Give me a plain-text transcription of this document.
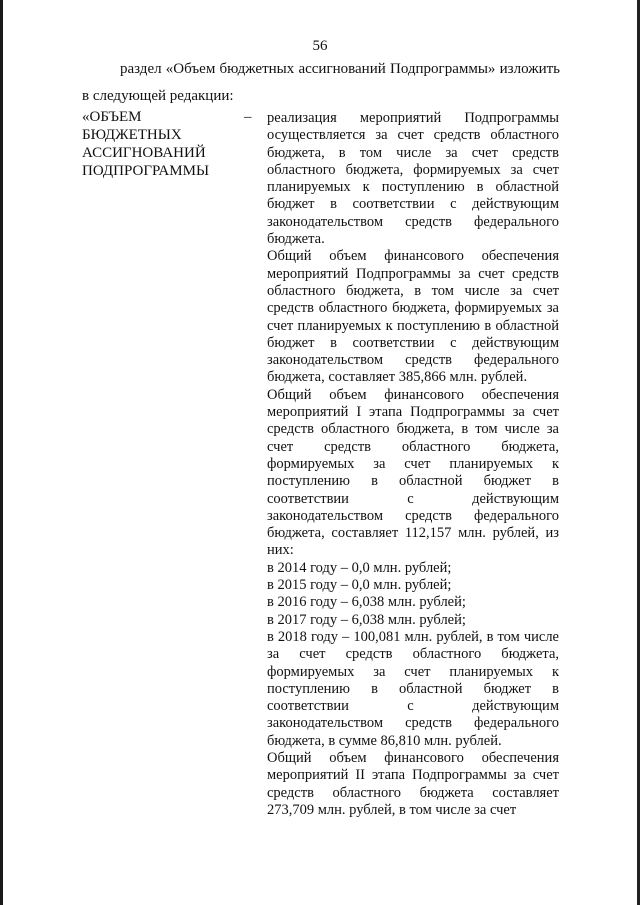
56
раздел «Объем бюджетных ассигнований Подпрограммы» изложить
в следующей редакции:
«ОБЪЕМ
БЮДЖЕТНЫХ
АССИГНОВАНИЙ
ПОДПРОГРАММЫ
– реализация мероприятий Подпрограммы осуществляется за счет средств областного бюджета, в том числе за счет средств областного бюджета, формируемых за счет планируемых к поступлению в областной бюджет в соответствии с действующим законодательством средств федерального бюджета.

Общий объем финансового обеспечения мероприятий Подпрограммы за счет средств областного бюджета, в том числе за счет средств областного бюджета, формируемых за счет планируемых к поступлению в областной бюджет в соответствии с действующим законодательством средств федерального бюджета, составляет 385,866 млн. рублей.

Общий объем финансового обеспечения мероприятий I этапа Подпрограммы за счет средств областного бюджета, в том числе за счет средств областного бюджета, формируемых за счет планируемых к поступлению в областной бюджет в соответствии с действующим законодательством средств федерального бюджета, составляет 112,157 млн. рублей, из них:

в 2014 году – 0,0 млн. рублей;

в 2015 году – 0,0 млн. рублей;

в 2016 году – 6,038 млн. рублей;

в 2017 году – 6,038 млн. рублей;

в 2018 году – 100,081 млн. рублей, в том числе за счет средств областного бюджета, формируемых за счет планируемых к поступлению в областной бюджет в соответствии с действующим законодательством средств федерального бюджета, в сумме 86,810 млн. рублей.

Общий объем финансового обеспечения мероприятий II этапа Подпрограммы за счет средств областного бюджета составляет 273,709 млн. рублей, в том числе за счет
